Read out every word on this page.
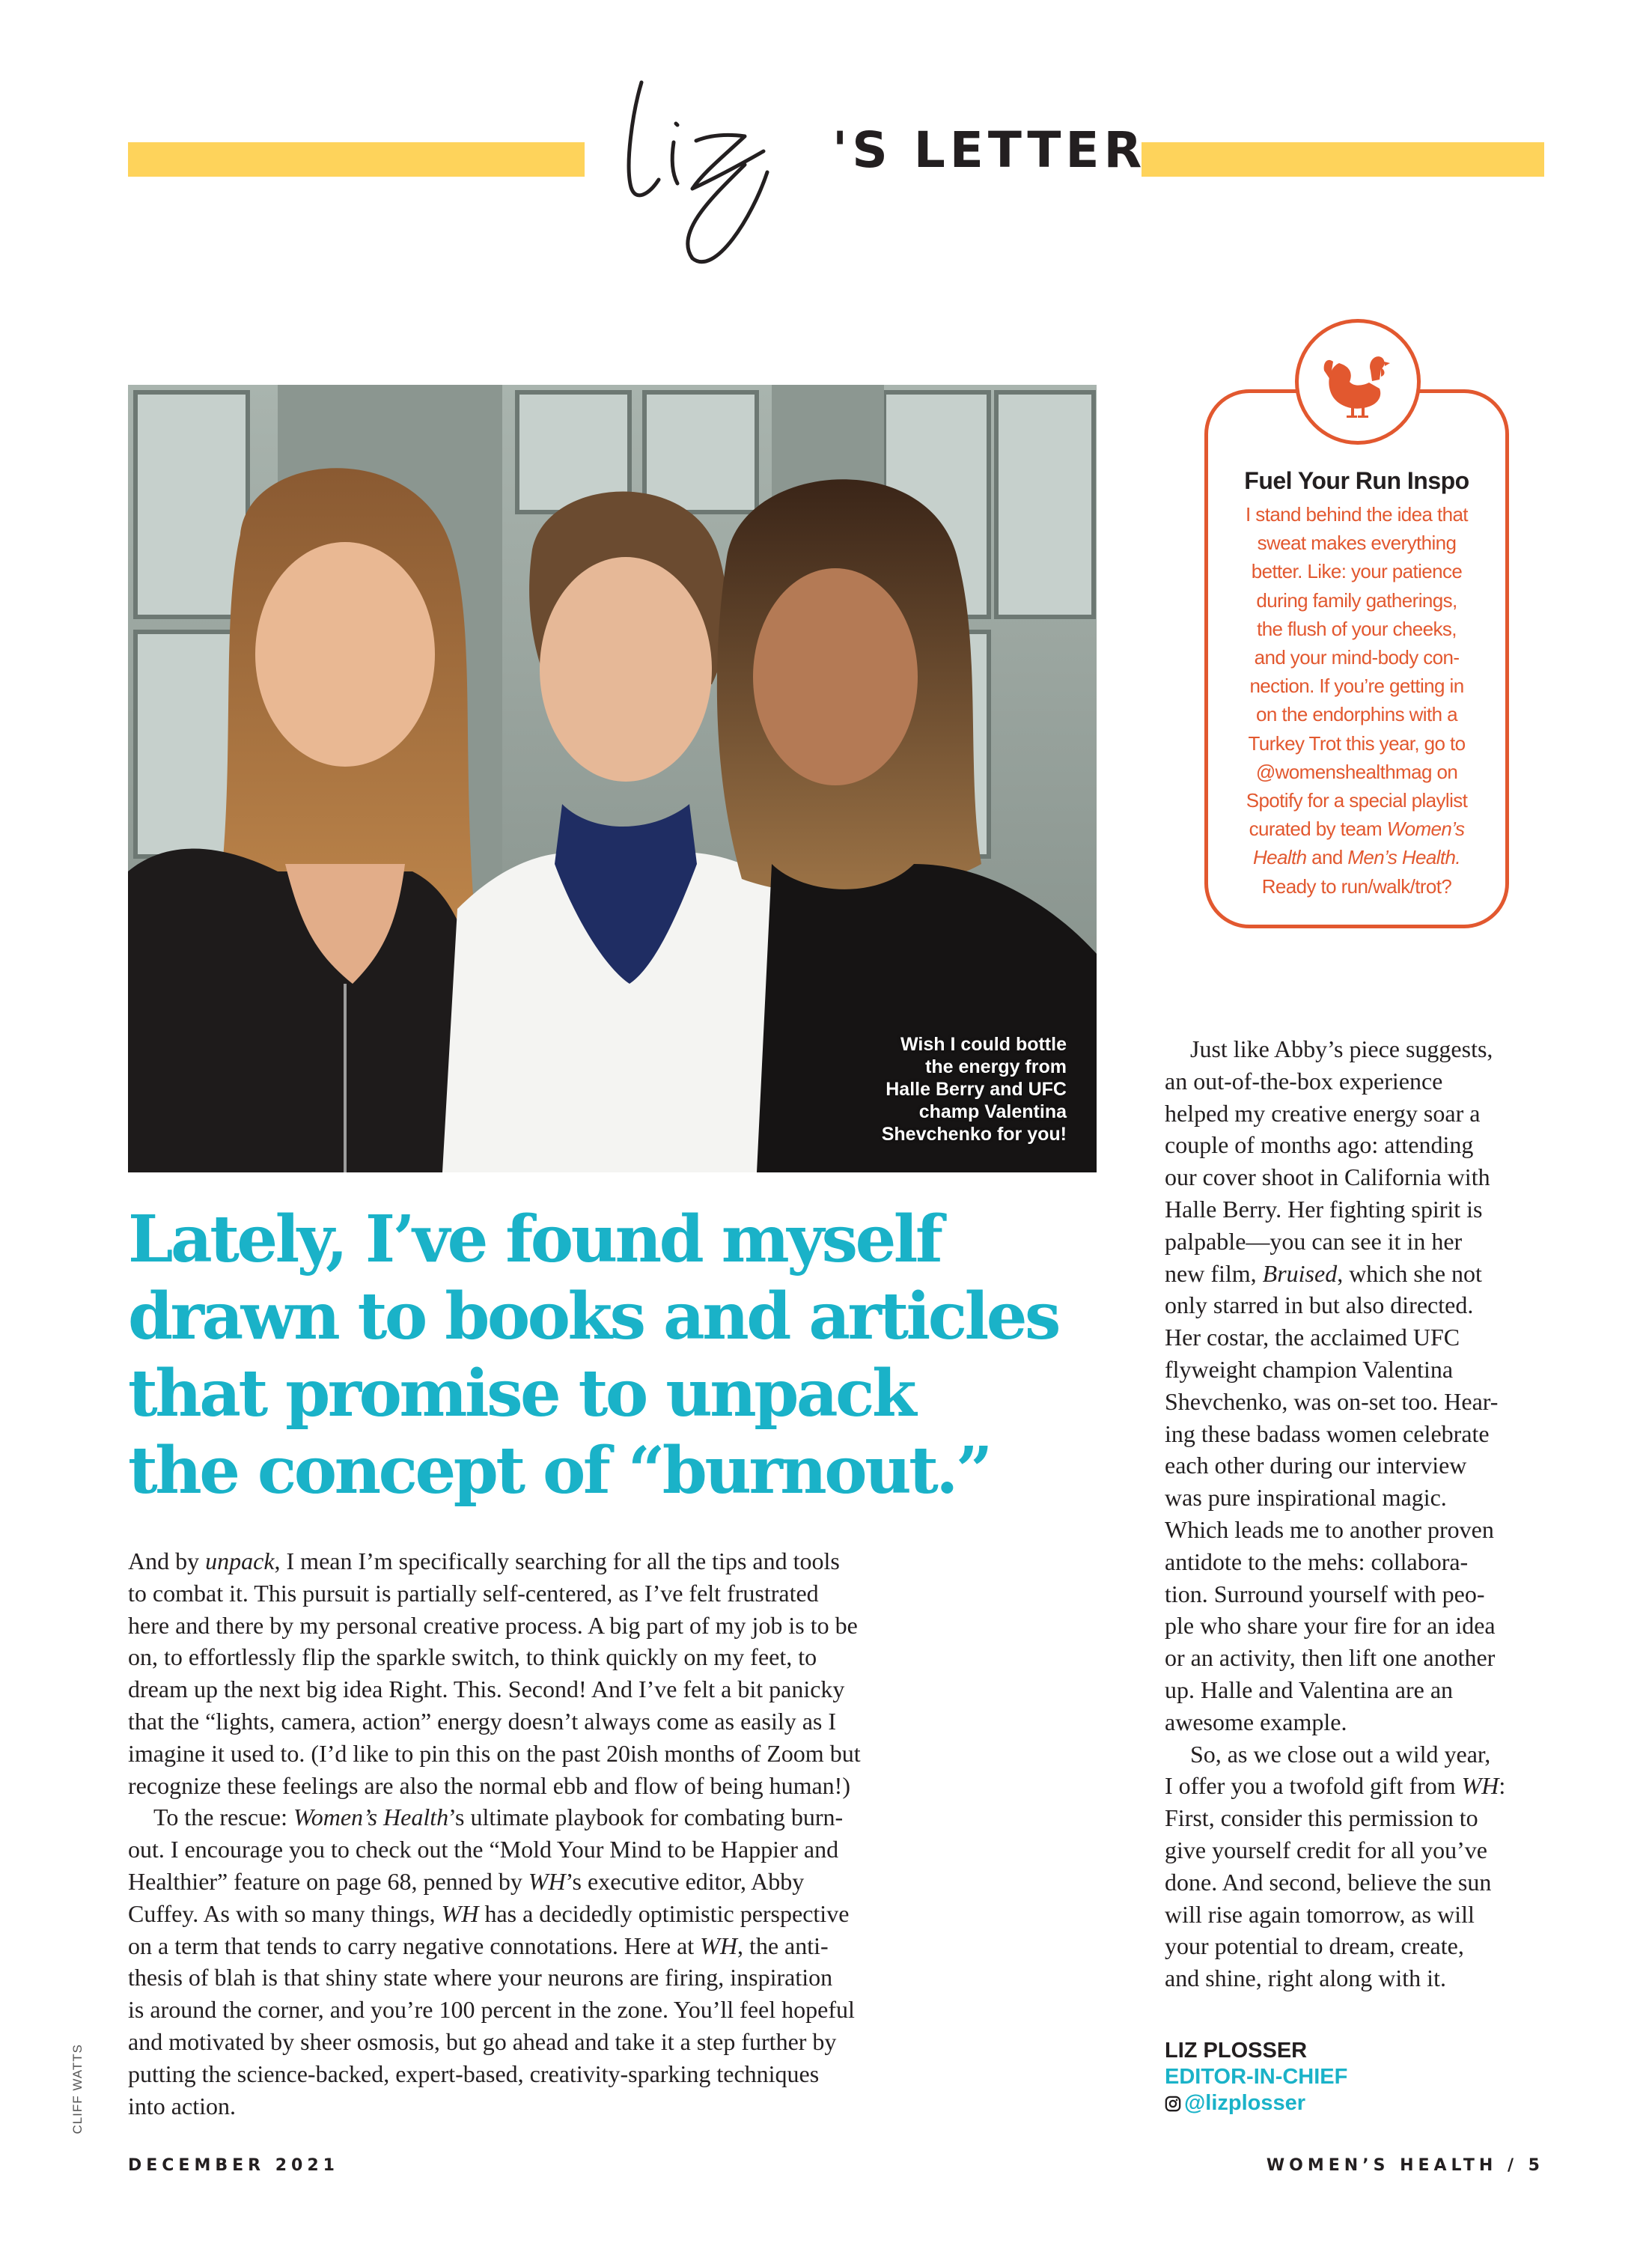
Liz
'S LETTER
Wish I could bottle
the energy from
Halle Berry and UFC
champ Valentina
Shevchenko for you!
Fuel Your Run Inspo
I stand behind the idea that
sweat makes everything
better. Like: your patience
during family gatherings,
the flush of your cheeks,
and your mind-body con-
nection. If you’re getting in
on the endorphins with a
Turkey Trot this year, go to
@womenshealthmag on
Spotify for a special playlist
curated by team Women’s
Health and Men’s Health.
Ready to run/walk/trot?
Lately, I’ve found myself
drawn to books and articles
that promise to unpack
the concept of “burnout.”
And by unpack, I mean I’m specifically searching for all the tips and tools
to combat it. This pursuit is partially self-centered, as I’ve felt frustrated
here and there by my personal creative process. A big part of my job is to be
on, to effortlessly flip the sparkle switch, to think quickly on my feet, to
dream up the next big idea Right. This. Second! And I’ve felt a bit panicky
that the “lights, camera, action” energy doesn’t always come as easily as I
imagine it used to. (I’d like to pin this on the past 20ish months of Zoom but
recognize these feelings are also the normal ebb and flow of being human!)
To the rescue: Women’s Health’s ultimate playbook for combating burn-
out. I encourage you to check out the “Mold Your Mind to be Happier and
Healthier” feature on page 68, penned by WH’s executive editor, Abby
Cuffey. As with so many things, WH has a decidedly optimistic perspective
on a term that tends to carry negative connotations. Here at WH, the anti-
thesis of blah is that shiny state where your neurons are firing, inspiration
is around the corner, and you’re 100 percent in the zone. You’ll feel hopeful
and motivated by sheer osmosis, but go ahead and take it a step further by
putting the science-backed, expert-based, creativity-sparking techniques
into action.
Just like Abby’s piece suggests,
an out-of-the-box experience
helped my creative energy soar a
couple of months ago: attending
our cover shoot in California with
Halle Berry. Her fighting spirit is
palpable—you can see it in her
new film, Bruised, which she not
only starred in but also directed.
Her costar, the acclaimed UFC
flyweight champion Valentina
Shevchenko, was on-set too. Hear-
ing these badass women celebrate
each other during our interview
was pure inspirational magic.
Which leads me to another proven
antidote to the mehs: collabora-
tion. Surround yourself with peo-
ple who share your fire for an idea
or an activity, then lift one another
up. Halle and Valentina are an
awesome example.
So, as we close out a wild year,
I offer you a twofold gift from WH:
First, consider this permission to
give yourself credit for all you’ve
done. And second, believe the sun
will rise again tomorrow, as will
your potential to dream, create,
and shine, right along with it.
LIZ PLOSSER
EDITOR-IN-CHIEF
@lizplosser
CLIFF WATTS
DECEMBER 2021	WOMEN’S HEALTH / 5
